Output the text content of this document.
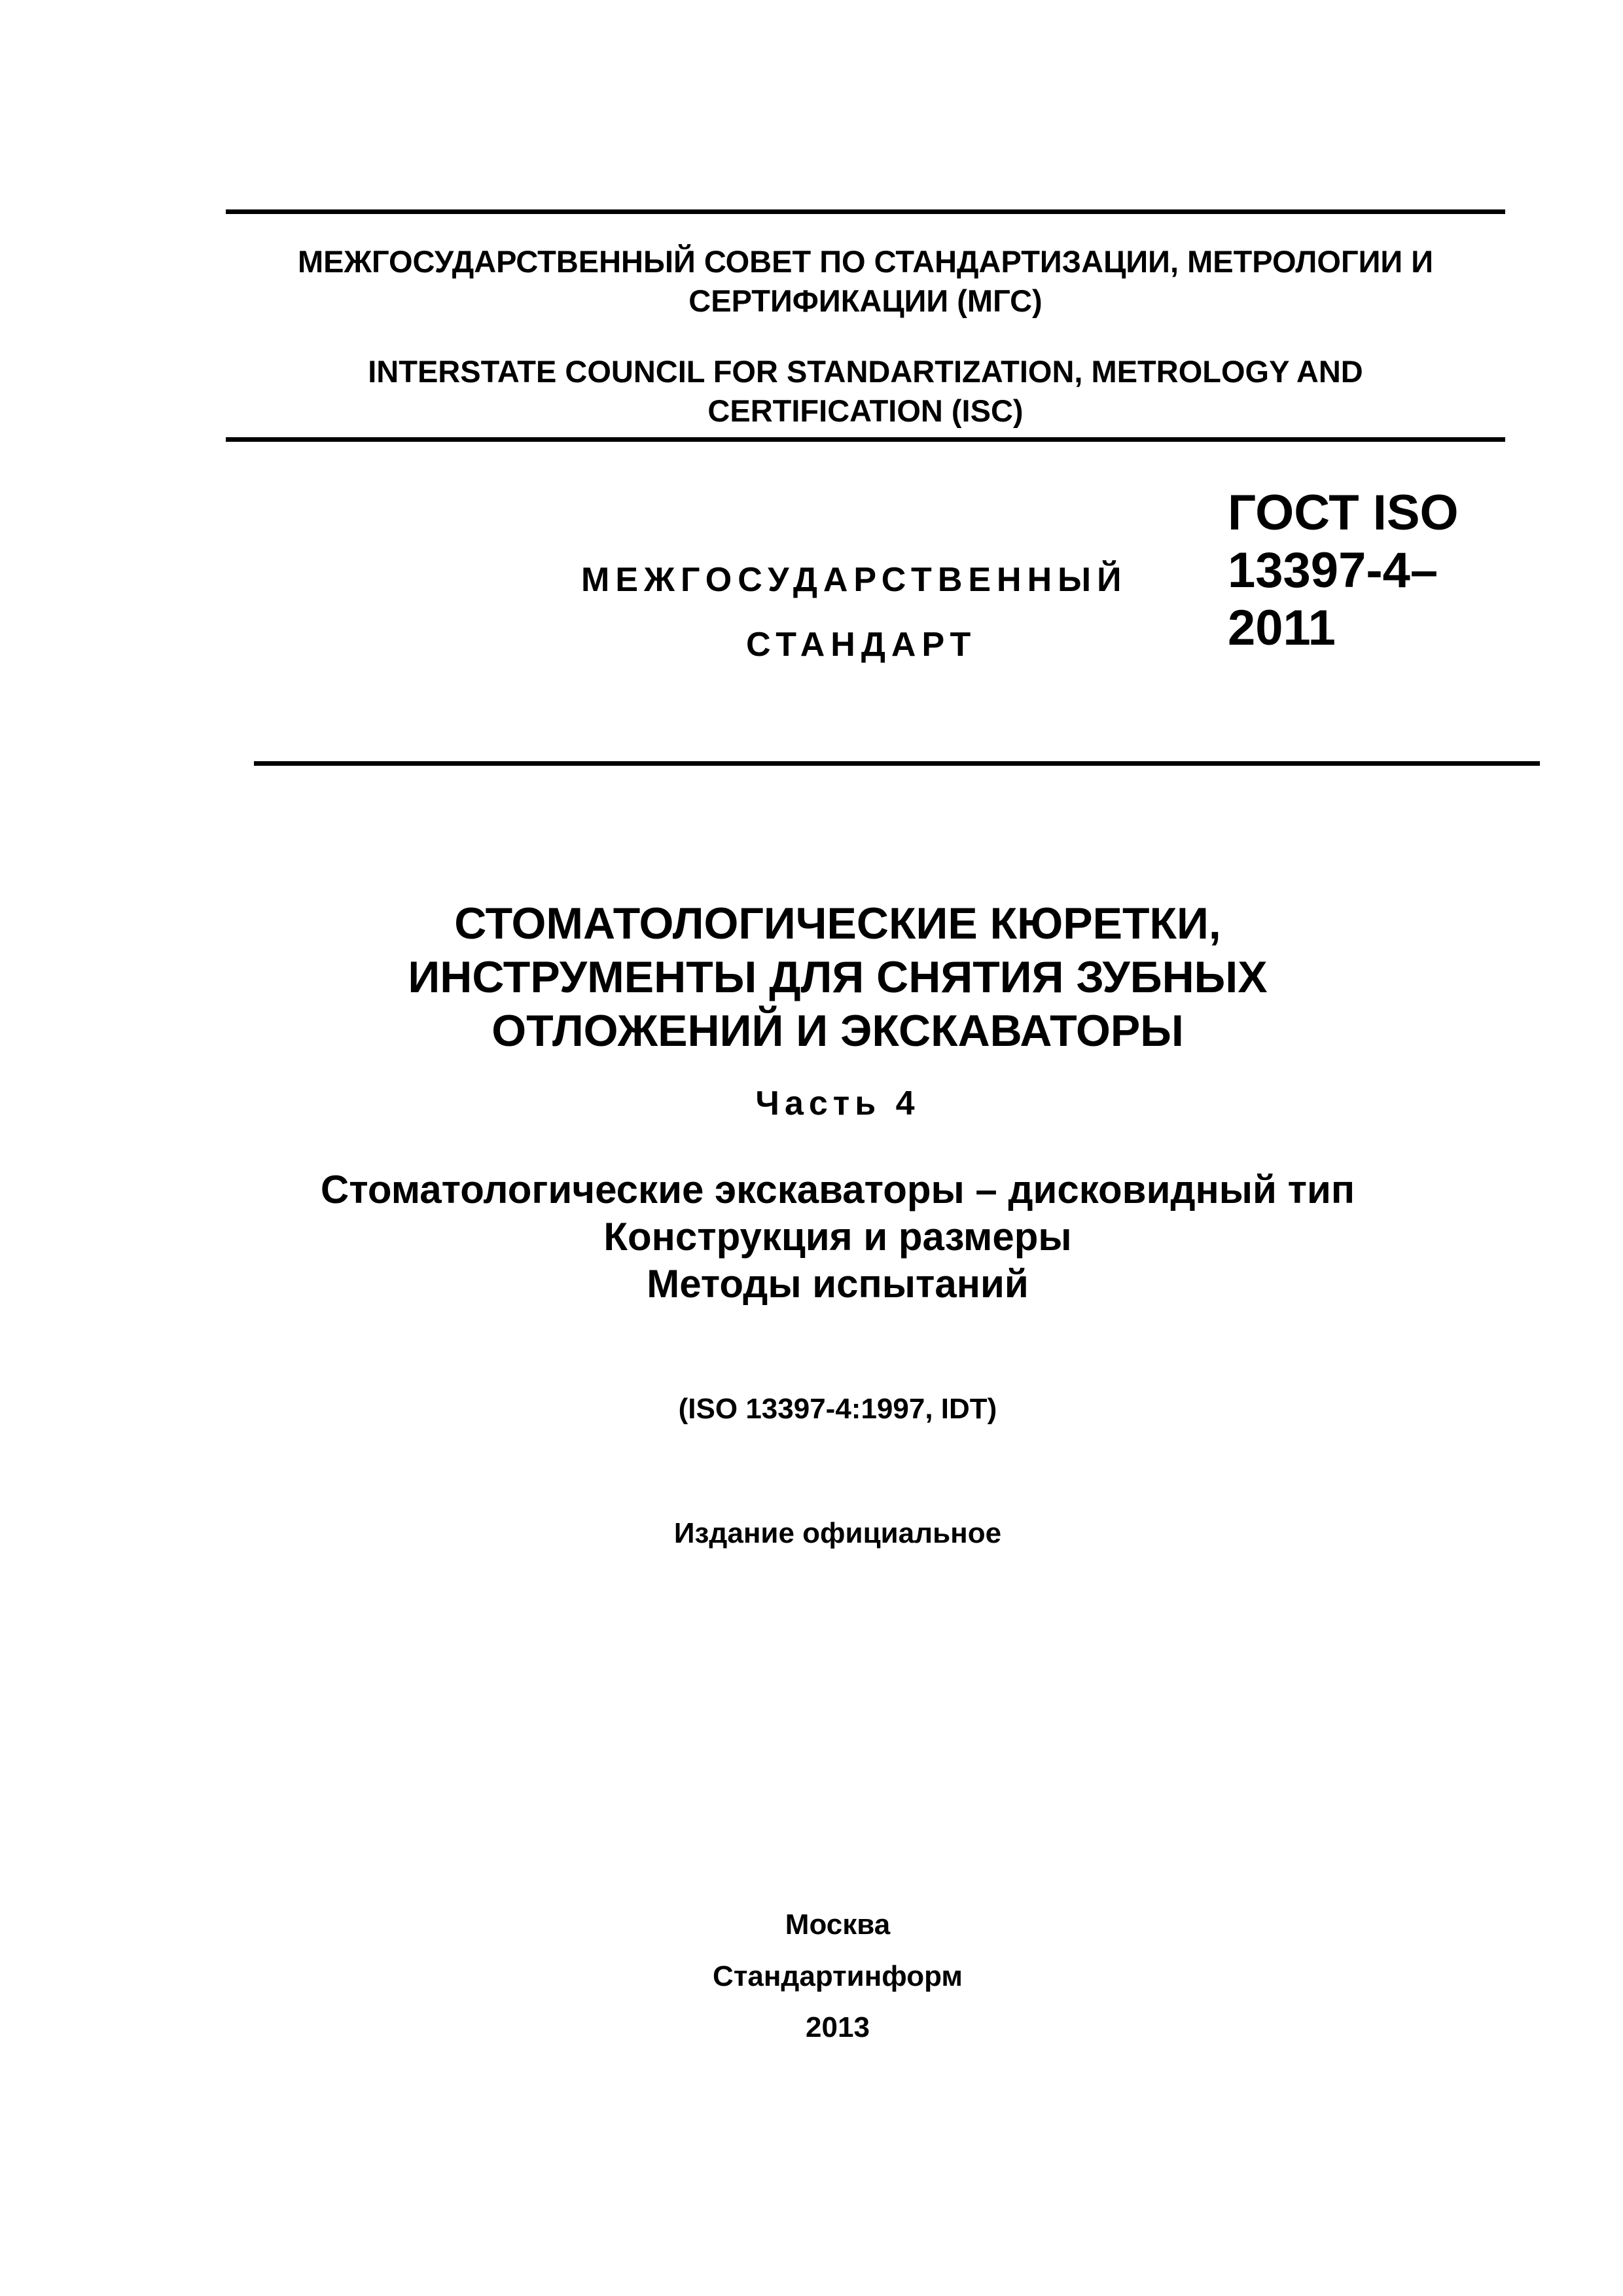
МЕЖГОСУДАРСТВЕННЫЙ СОВЕТ ПО СТАНДАРТИЗАЦИИ, МЕТРОЛОГИИ И
СЕРТИФИКАЦИИ (МГС)
INTERSTATE COUNCIL FOR STANDARTIZATION, METROLOGY AND
CERTIFICATION (ISC)
МЕЖГОСУДАРСТВЕННЫЙ
СТАНДАРТ
ГОСТ ISO
13397-4–
2011
СТОМАТОЛОГИЧЕСКИЕ КЮРЕТКИ,
ИНСТРУМЕНТЫ ДЛЯ СНЯТИЯ ЗУБНЫХ
ОТЛОЖЕНИЙ И ЭКСКАВАТОРЫ
Часть 4
Стоматологические экскаваторы – дисковидный тип
Конструкция и размеры
Методы испытаний
(ISO 13397-4:1997, IDT)
Издание официальное
Москва
Стандартинформ
2013
